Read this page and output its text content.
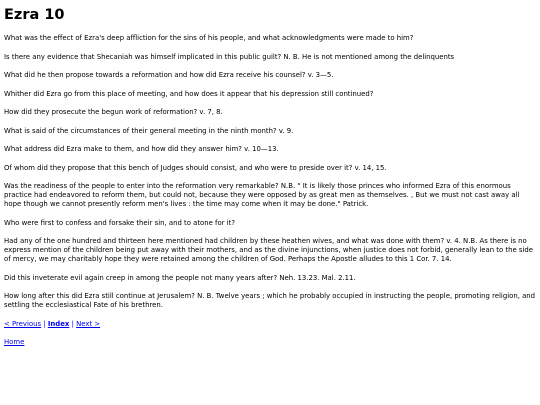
Ezra 10

What was the effect of Ezra's deep affliction for the sins of his people, and what acknowledgments were made to him?

Is there any evidence that Shecaniah was himself implicated in this public guilt? N. B. He is not mentioned among the delinquents

What did he then propose towards a reformation and how did Ezra receive his counsel? v. 3—5.

Whither did Ezra go from this place of meeting, and how does it appear that his depression still continued?

How did they prosecute the begun work of reformation? v. 7, 8.

What is said of the circumstances of their general meeting in the ninth month? v. 9.

What address did Ezra make to them, and how did they answer him? v. 10—13.

Of whom did they propose that this bench of Judges should consist, and who were to preside over it? v. 14, 15.

Was the readiness of the people to enter into the reformation very remarkable? N.B. " It is likely those princes who informed Ezra of this enormous practice had endeavored to reform them, but could not, because they were opposed by as great men as themselves. , But we must not cast away all hope though we cannot presently reform men's lives : the time may come when it may be done." Patrick.

Who were first to confess and forsake their sin, and to atone for it?

Had any of the one hundred and thirteen here mentioned had children by these heathen wives, and what was done with them? v. 4. N.B. As there is no express mention of the children being put away with their mothers, and as the divine injunctions, when justice does not forbid, generally lean to the side of mercy, we may charitably hope they were retained among the children of God. Perhaps the Apostle alludes to this 1 Cor. 7. 14.

Did this inveterate evil again creep in among the people not many years after? Neh. 13.23. Mal. 2.11.

How long after this did Ezra still continue at Jerusalem? N. B. Twelve years ; which he probably occupied in instructing the people, promoting religion, and settling the ecclesiastical Fate of his brethren.

< Previous | Index | Next >
Home
